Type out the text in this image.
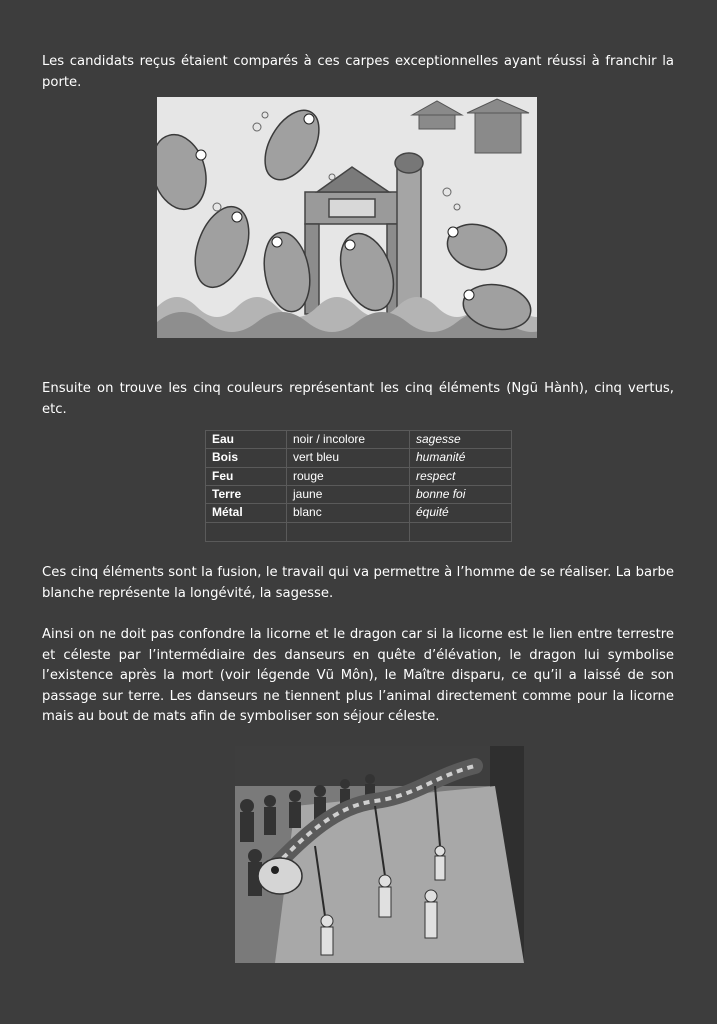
Les candidats reçus étaient comparés à ces carpes exceptionnelles ayant réussi à franchir la porte.

Ensuite on trouve les cinq couleurs représentant les cinq éléments (Ngũ Hành), cinq vertus, etc.

Eau	noir / incolore	sagesse
Bois	vert bleu	humanité
Feu	rouge	respect
Terre	jaune	bonne foi
Métal	blanc	équité

Ces cinq éléments sont la fusion, le travail qui va permettre à l’homme de se réaliser. La barbe blanche représente la longévité, la sagesse.

Ainsi on ne doit pas confondre la licorne et le dragon car si la licorne est le lien entre terrestre et céleste par l’intermédiaire des danseurs en quête d’élévation, le dragon lui symbolise l’existence après la mort (voir légende Vũ Môn), le Maître disparu, ce qu’il a laissé de son passage sur terre. Les danseurs ne tiennent plus l’animal directement comme pour la licorne mais au bout de mats afin de symboliser son séjour céleste.
